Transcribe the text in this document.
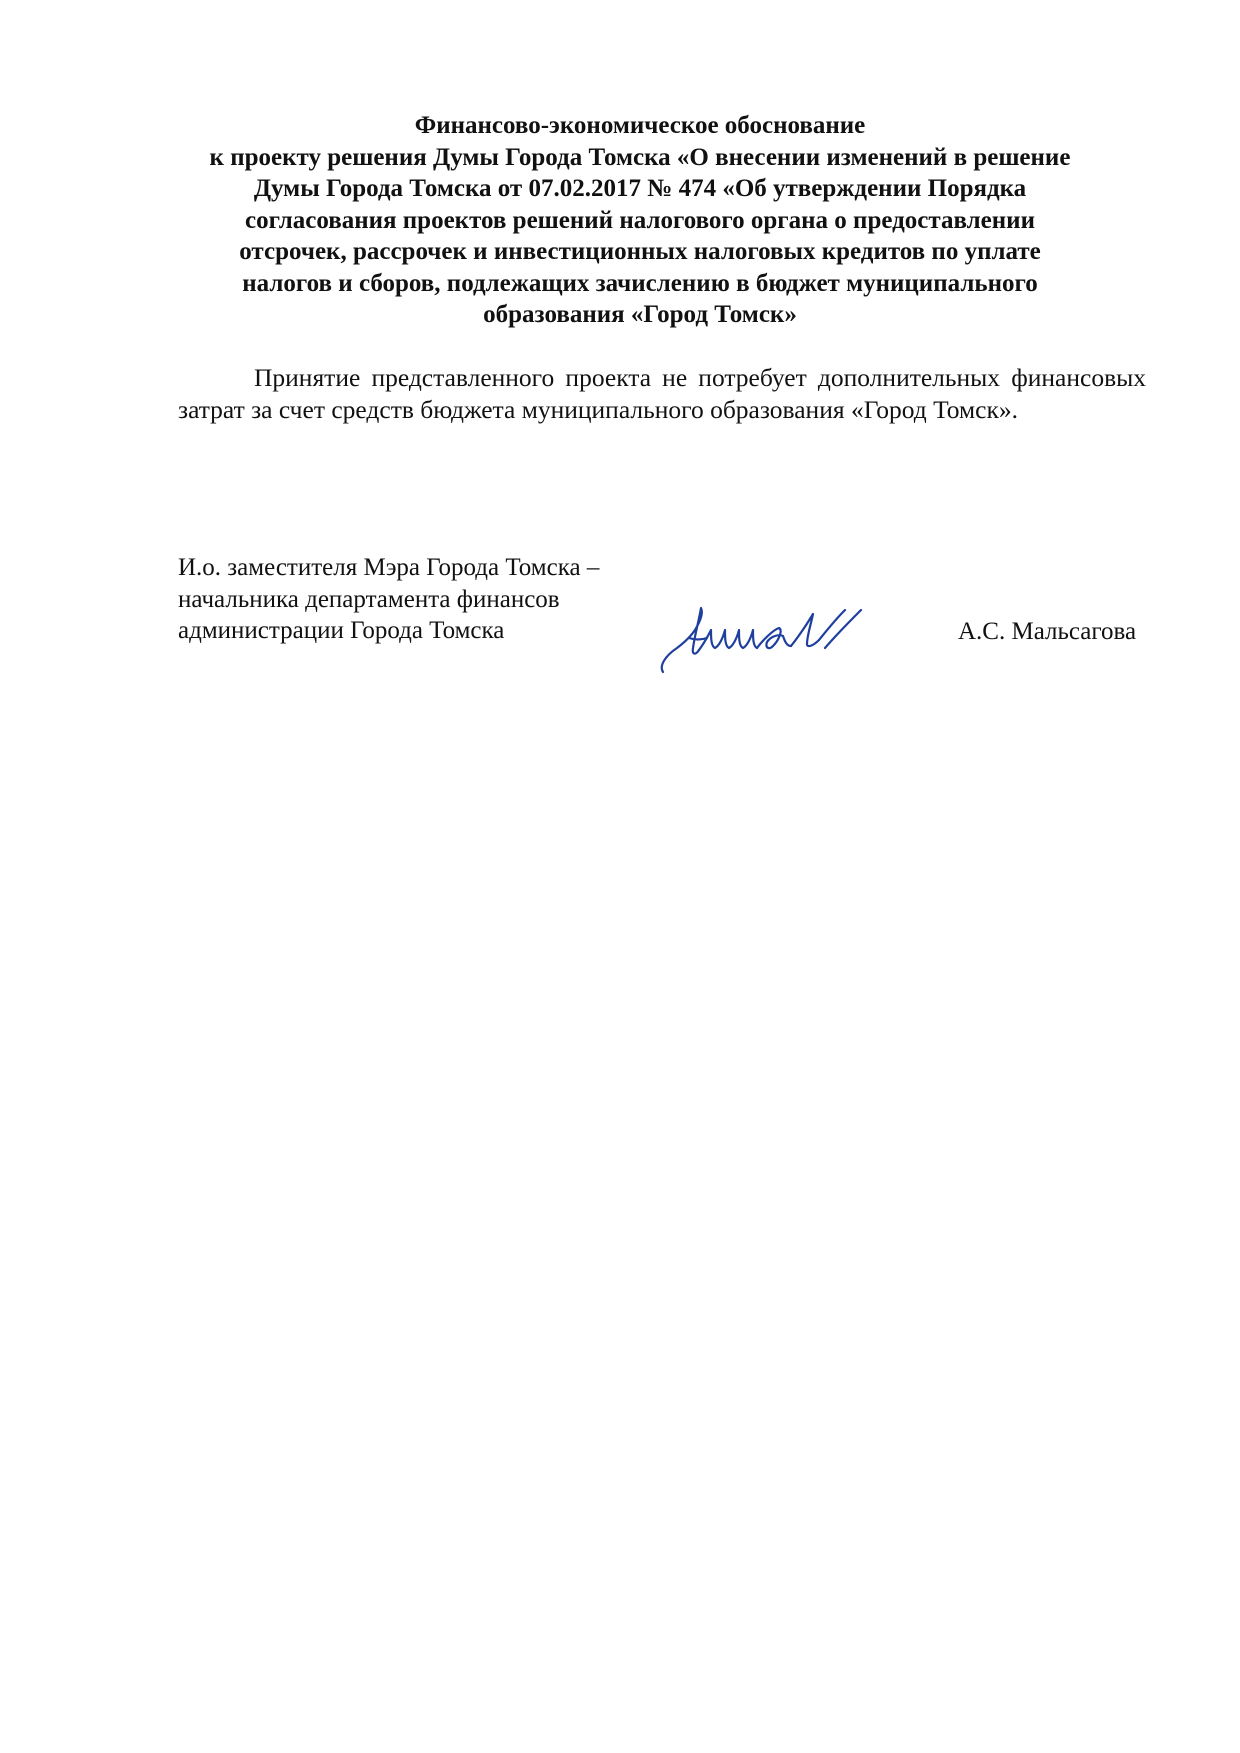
Финансово-экономическое обоснование
к проекту решения Думы Города Томска «О внесении изменений в решение
Думы Города Томска от 07.02.2017 № 474 «Об утверждении Порядка
согласования проектов решений налогового органа о предоставлении
отсрочек, рассрочек и инвестиционных налоговых кредитов по уплате
налогов и сборов, подлежащих зачислению в бюджет муниципального
образования «Город Томск»
Принятие представленного проекта не потребует дополнительных финансовых затрат за счет средств бюджета муниципального образования «Город Томск».
И.о. заместителя Мэра Города Томска –
начальника департамента финансов
администрации Города Томска	А.С. Мальсагова
